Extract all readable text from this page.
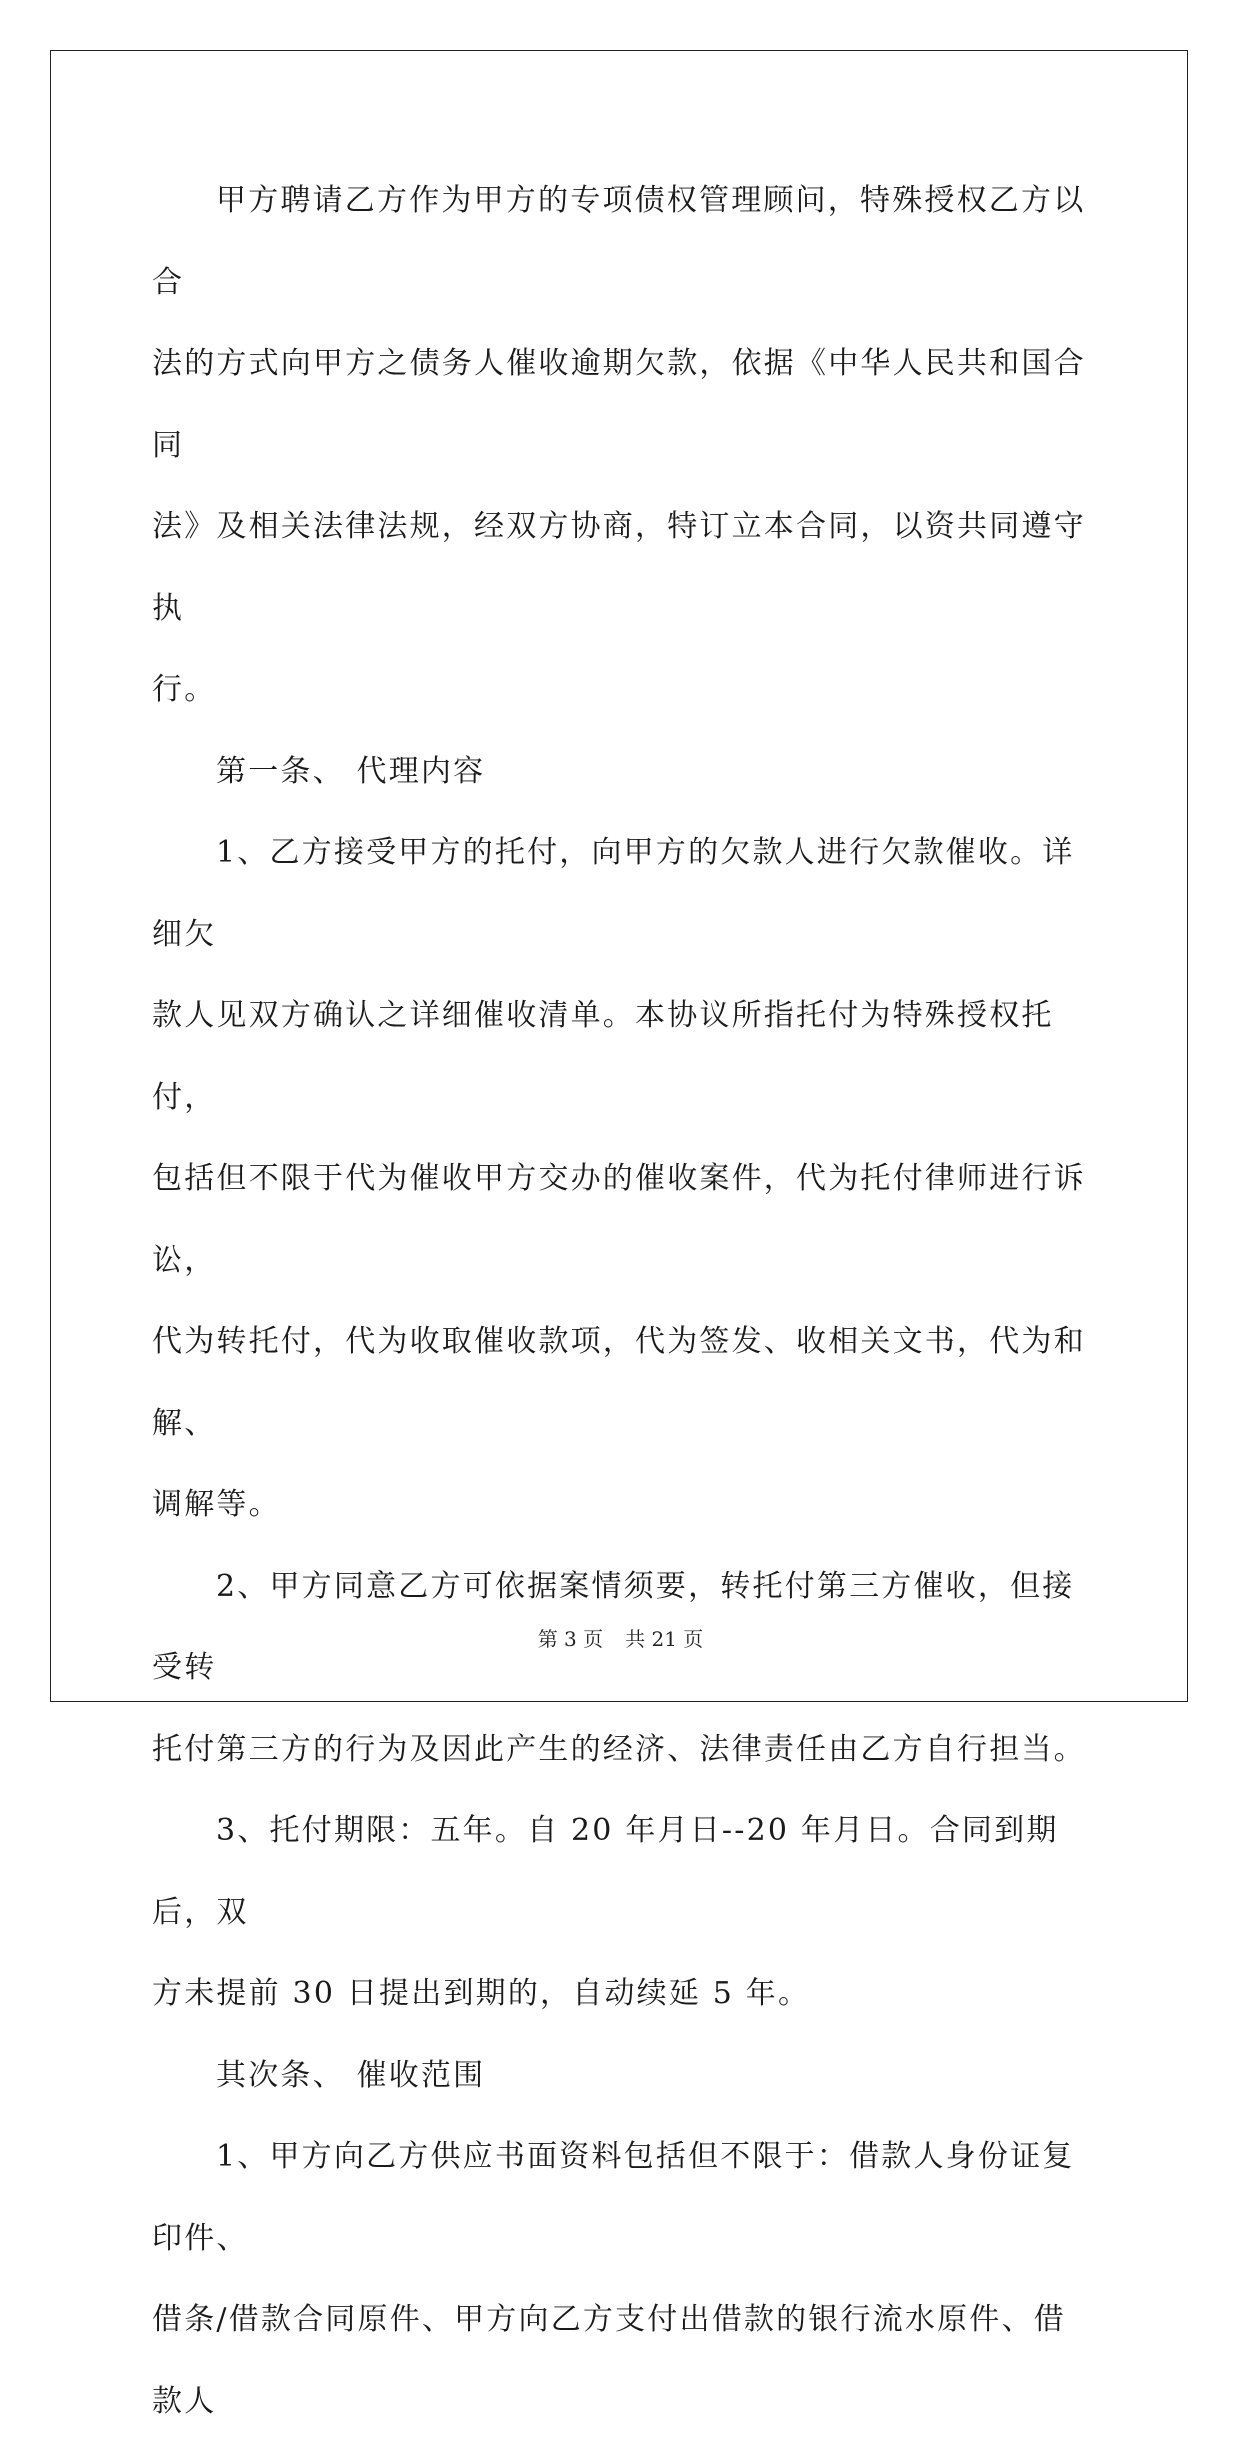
甲方聘请乙方作为甲方的专项债权管理顾问，特殊授权乙方以合

法的方式向甲方之债务人催收逾期欠款，依据《中华人民共和国合同

法》及相关法律法规，经双方协商，特订立本合同，以资共同遵守执

行。

第一条、 代理内容

1、乙方接受甲方的托付，向甲方的欠款人进行欠款催收。详细欠

款人见双方确认之详细催收清单。本协议所指托付为特殊授权托付，

包括但不限于代为催收甲方交办的催收案件，代为托付律师进行诉讼，

代为转托付，代为收取催收款项，代为签发、收相关文书，代为和解、

调解等。

2、甲方同意乙方可依据案情须要，转托付第三方催收，但接受转

托付第三方的行为及因此产生的经济、法律责任由乙方自行担当。

3、托付期限：五年。自 20 年月日--20 年月日。合同到期后，双

方未提前 30 日提出到期的，自动续延 5 年。

其次条、 催收范围

1、甲方向乙方供应书面资料包括但不限于：借款人身份证复印件、

借条/借款合同原件、甲方向乙方支付出借款的银行流水原件、借款人

第 3 页 共 21 页
